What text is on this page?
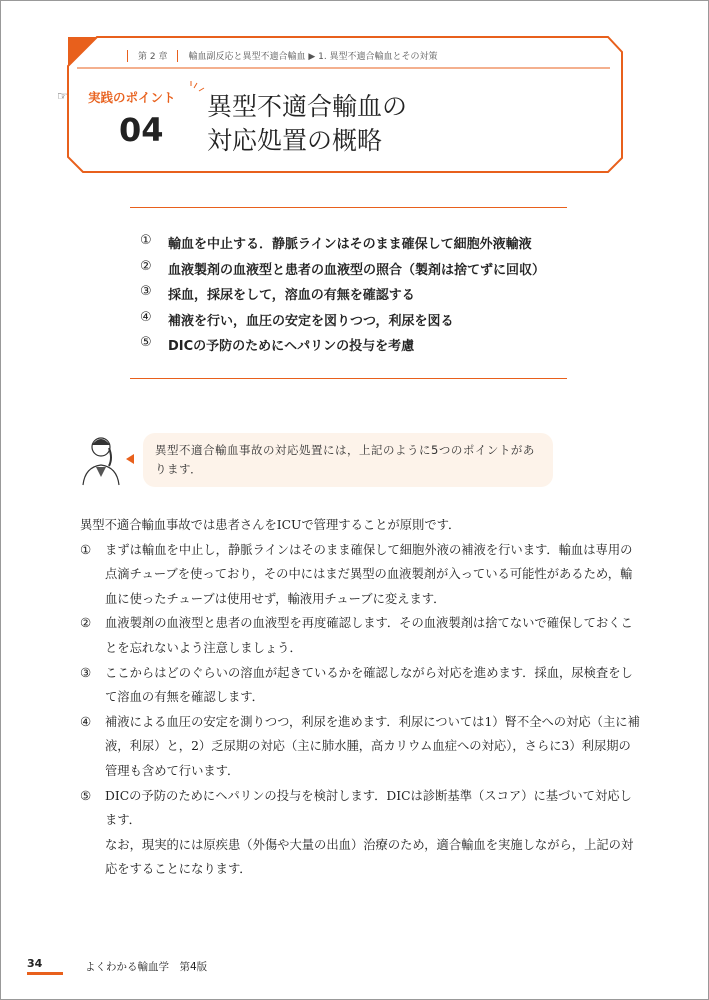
第 2 章 輸血副反応と異型不適合輸血 ▶ 1. 異型不適合輸血とその対策
☞ 実践のポイント
04
異型不適合輸血の
対応処置の概略
①	輸血を中止する．静脈ラインはそのまま確保して細胞外液輸液
②	血液製剤の血液型と患者の血液型の照合（製剤は捨てずに回収）
③	採血，採尿をして，溶血の有無を確認する
④	補液を行い，血圧の安定を図りつつ，利尿を図る
⑤	DICの予防のためにヘパリンの投与を考慮
異型不適合輸血事故の対応処置には，上記のように5つのポイントがあります．

異型不適合輸血事故では患者さんをICUで管理することが原則です．

①	まずは輸血を中止し，静脈ラインはそのまま確保して細胞外液の補液を行います．輸血は専用の点滴チューブを使っており，その中にはまだ異型の血液製剤が入っている可能性があるため，輸血に使ったチューブは使用せず，輸液用チューブに変えます．
②	血液製剤の血液型と患者の血液型を再度確認します．その血液製剤は捨てないで確保しておくことを忘れないよう注意しましょう．
③	ここからはどのぐらいの溶血が起きているかを確認しながら対応を進めます．採血，尿検査をして溶血の有無を確認します．
④	補液による血圧の安定を測りつつ，利尿を進めます．利尿については1）腎不全への対応（主に補液，利尿）と，2）乏尿期の対応（主に肺水腫，高カリウム血症への対応），さらに3）利尿期の管理も含めて行います．
⑤	DICの予防のためにヘパリンの投与を検討します．DICは診断基準（スコア）に基づいて対応します．

なお，現実的には原疾患（外傷や大量の出血）治療のため，適合輸血を実施しながら，上記の対応をすることになります．

34	よくわかる輸血学　第4版
